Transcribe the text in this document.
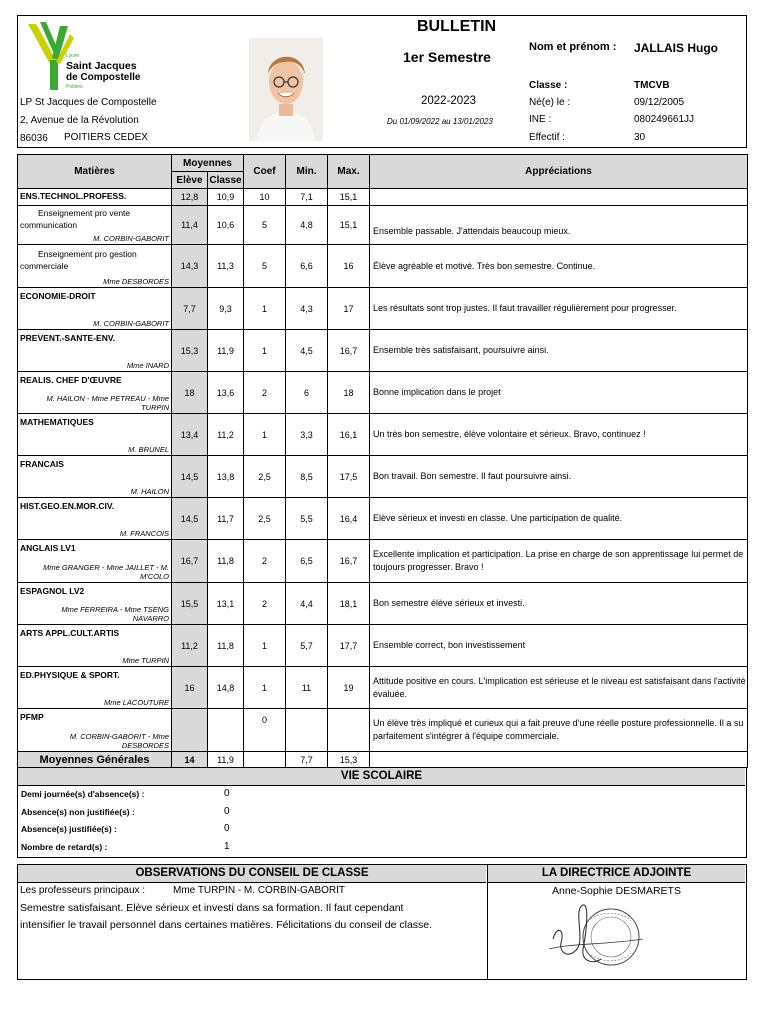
Lycée
Saint Jacques
de Compostelle
Poitiers
LP St Jacques de Compostelle
2, Avenue de la Révolution
86036 POITIERS CEDEX
BULLETIN
1er Semestre
2022-2023
Du 01/09/2022 au 13/01/2023
Nom et prénom : JALLAIS Hugo
Classe :	TMCVB
Né(e) le :	09/12/2005
INE :	080249661JJ
Effectif :	30
Matières	Moyennes		Coef	Min.	Max.	Appréciations
	Elève	Classe				

ENS.TECHNOL.PROFESS.	12,8	10,9	10	7,1	15,1	

Enseignement pro vente communication
M. CORBIN-GABORIT	11,4	10,6	5	4,8	15,1	Ensemble passable. J'attendais beaucoup mieux.

Enseignement pro gestion commerciale
Mme DESBORDES	14,3	11,3	5	6,6	16	Élève agréable et motivé. Très bon semestre. Continue.

ECONOMIE-DROIT
M. CORBIN-GABORIT	7,7	9,3	1	4,3	17	Les résultats sont trop justes. Il faut travailler régulièrement pour progresser.

PREVENT.-SANTE-ENV.
Mme INARD	15,3	11,9	1	4,5	16,7	Ensemble très satisfaisant, poursuivre ainsi.

REALIS. CHEF D'ŒUVRE
M. HAILON - Mme PETREAU - Mme TURPIN	18	13,6	2	6	18	Bonne implication dans le projet

MATHEMATIQUES
M. BRUNEL	13,4	11,2	1	3,3	16,1	Un très bon semestre, élève volontaire et sérieux. Bravo, continuez !

FRANCAIS
M. HAILON	14,5	13,8	2,5	8,5	17,5	Bon travail. Bon semestre. Il faut poursuivre ainsi.

HIST.GEO.EN.MOR.CIV.
M. FRANCOIS	14,5	11,7	2,5	5,5	16,4	Elève sérieux et investi en classe. Une participation de qualité.

ANGLAIS LV1
Mme GRANGER - Mme JAILLET - M. M'COLO	16,7	11,8	2	6,5	16,7	Excellente implication et participation. La prise en charge de son apprentissage lui permet de toujours progresser. Bravo !

ESPAGNOL LV2
Mme FERREIRA - Mme TSENG NAVARRO	15,5	13,1	2	4,4	18,1	Bon semestre élève sérieux et investi.

ARTS APPL.CULT.ARTIS
Mme TURPIN	11,2	11,8	1	5,7	17,7	Ensemble correct, bon investissement

ED.PHYSIQUE & SPORT.
Mme LACOUTURE	16	14,8	1	11	19	Attitude positive en cours. L'implication est sérieuse et le niveau est satisfaisant dans l'activité évaluée.

PFMP
M. CORBIN-GABORIT - Mme DESBORDES			0			Un élève très impliqué et curieux qui a fait preuve d'une réelle posture professionnelle. Il a su parfaitement s'intégrer à l'équipe commerciale.
Moyennes Générales	14	11,9		7,7	15,3	
VIE SCOLAIRE
Demi journée(s) d'absence(s) :	0
Absence(s) non justifiée(s) :	0
Absence(s) justifiée(s) :	0
Nombre de retard(s) :	1
OBSERVATIONS DU CONSEIL DE CLASSE
Les professeurs principaux :	Mme TURPIN - M. CORBIN-GABORIT
Semestre satisfaisant. Elève sérieux et investi dans sa formation. Il faut cependant
intensifier le travail personnel dans certaines matières. Félicitations du conseil de classe.
LA DIRECTRICE ADJOINTE
Anne-Sophie DESMARETS
